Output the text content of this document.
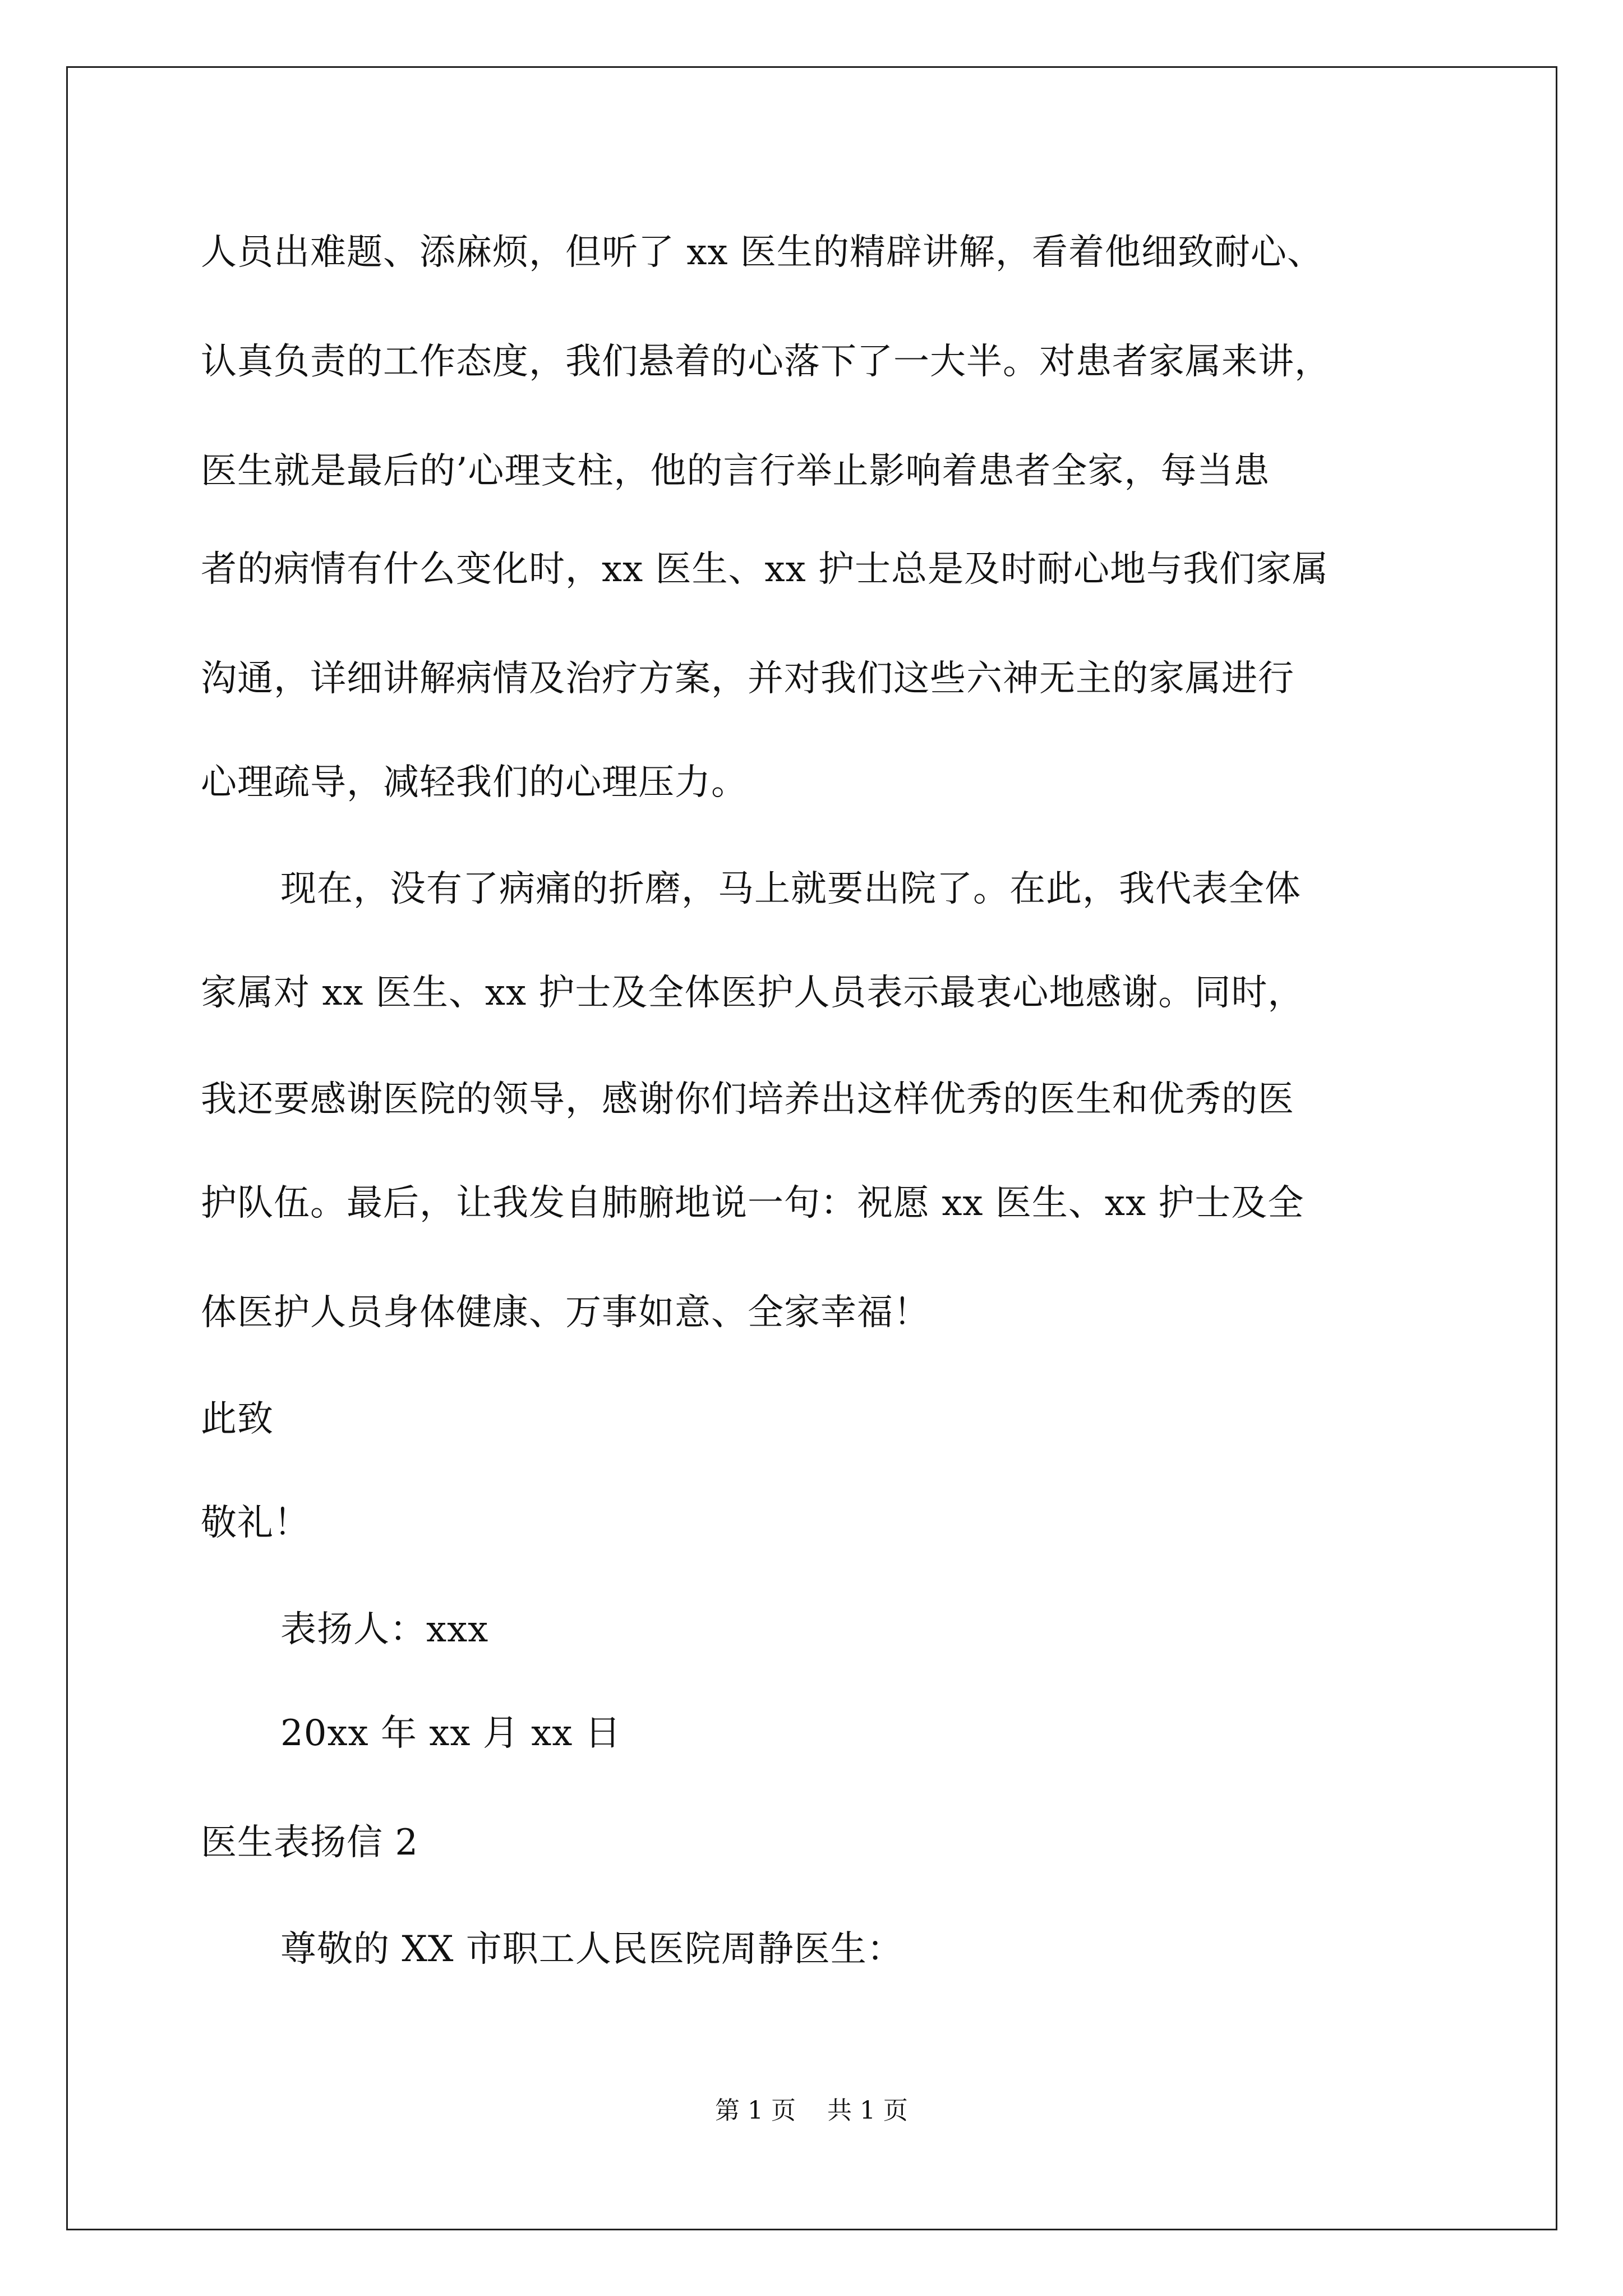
人员出难题、添麻烦，但听了 xx 医生的精辟讲解，看着他细致耐心、
认真负责的工作态度，我们悬着的心落下了一大半。对患者家属来讲，
医生就是最后的’心理支柱，他的言行举止影响着患者全家，每当患
者的病情有什么变化时，xx 医生、xx 护士总是及时耐心地与我们家属
沟通，详细讲解病情及治疗方案，并对我们这些六神无主的家属进行
心理疏导，减轻我们的心理压力。
现在，没有了病痛的折磨，马上就要出院了。在此，我代表全体
家属对 xx 医生、xx 护士及全体医护人员表示最衷心地感谢。同时，
我还要感谢医院的领导，感谢你们培养出这样优秀的医生和优秀的医
护队伍。最后，让我发自肺腑地说一句：祝愿 xx 医生、xx 护士及全
体医护人员身体健康、万事如意、全家幸福！
此致
敬礼！
表扬人：xxx
20xx 年 xx 月 xx 日
医生表扬信 2
尊敬的 XX 市职工人民医院周静医生：
第 1 页    共 1 页
